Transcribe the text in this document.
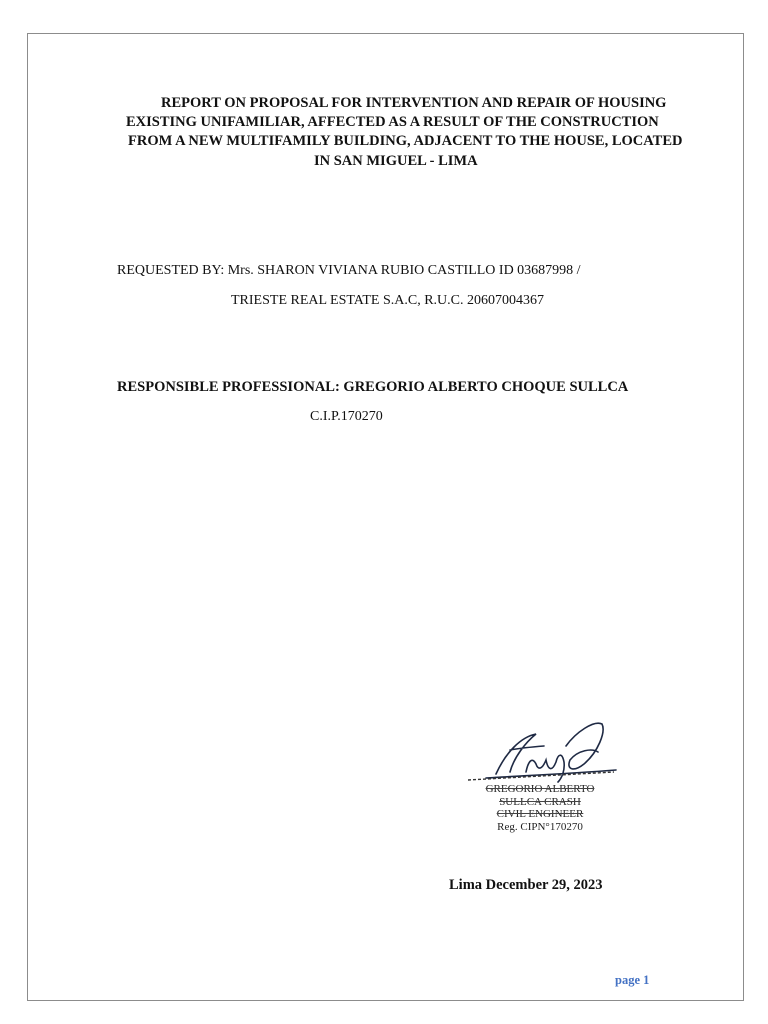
REPORT ON PROPOSAL FOR INTERVENTION AND REPAIR OF HOUSING
EXISTING UNIFAMILIAR, AFFECTED AS A RESULT OF THE CONSTRUCTION
FROM A NEW MULTIFAMILY BUILDING, ADJACENT TO THE HOUSE, LOCATED
IN SAN MIGUEL - LIMA
REQUESTED BY: Mrs. SHARON VIVIANA RUBIO CASTILLO ID 03687998 /
TRIESTE REAL ESTATE S.A.C, R.U.C. 20607004367
RESPONSIBLE PROFESSIONAL: GREGORIO ALBERTO CHOQUE SULLCA
C.I.P.170270
GREGORIO ALBERTO
SULLCA CRASH
CIVIL ENGINEER
Reg. CIPN°170270
Lima December 29, 2023
page 1
